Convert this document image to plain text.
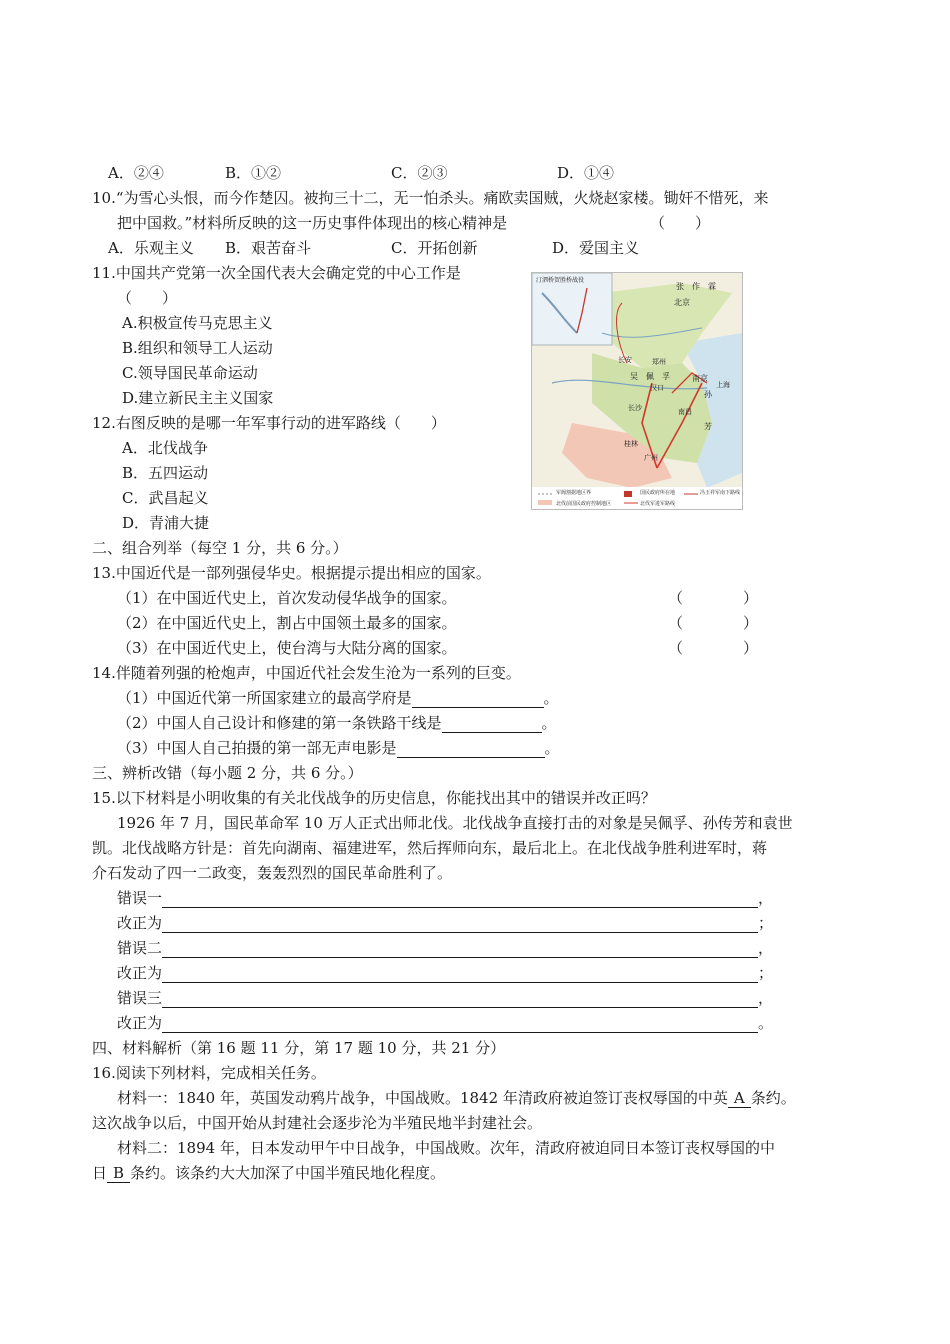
A．②④	B．①②	C．②③	D．①④
10.“为雪心头恨，而今作楚囚。被拘三十二，无一怕杀头。痛欧卖国贼，火烧赵家楼。锄奸不惜死，来
把中国救。”材料所反映的这一历史事件体现出的核心精神是	（　　）
A．乐观主义 B．艰苦奋斗	C．开拓创新	D．爱国主义
11.中国共产党第一次全国代表大会确定党的中心工作是
（　　）
A.积极宣传马克思主义
B.组织和领导工人运动
C.领导国民革命运动
D.建立新民主主义国家
12.右图反映的是哪一年军事行动的进军路线（　　）
A．北伐战争
B．五四运动
C．武昌起义
D．青浦大捷
汀泗桥贺胜桥战役
张　作　霖
北京
长安	郑州
吴　佩　孚	南京
上海
汉口
孙
长沙	南昌
芳
桂林
广州
军阀割据地区界	国民政府所在地	冯玉祥军南下路线
北伐前国民政府控制地区	北伐军进军路线
二、组合列举（每空 1 分，共 6 分。）
13.中国近代是一部列强侵华史。根据提示提出相应的国家。
（1）在中国近代史上，首次发动侵华战争的国家。	（　　　　）
（2）在中国近代史上，割占中国领土最多的国家。	（　　　　）
（3）在中国近代史上，使台湾与大陆分离的国家。	（　　　　）
14.伴随着列强的枪炮声，中国近代社会发生沧为一系列的巨变。
（1）中国近代第一所国家建立的最高学府是	。
（2）中国人自己设计和修建的第一条铁路干线是	。
（3）中国人自己拍摄的第一部无声电影是	。
三、辨析改错（每小题 2 分，共 6 分。）
15.以下材料是小明收集的有关北伐战争的历史信息，你能找出其中的错误并改正吗？
1926 年 7 月，国民革命军 10 万人正式出师北伐。北伐战争直接打击的对象是吴佩孚、孙传芳和袁世
凯。北伐战略方针是：首先向湖南、福建进军，然后挥师向东，最后北上。在北伐战争胜利进军时，蒋
介石发动了四一二政变，轰轰烈烈的国民革命胜利了。
错误一	，
改正为	；
错误二	，
改正为	；
错误三	，
改正为	。
四、材料解析（第 16 题 11 分，第 17 题 10 分，共 21 分）
16.阅读下列材料，完成相关任务。
材料一：1840 年，英国发动鸦片战争，中国战败。1842 年清政府被迫签订丧权辱国的中英 A 条约。
这次战争以后，中国开始从封建社会逐步沦为半殖民地半封建社会。
材料二：1894 年，日本发动甲午中日战争，中国战败。次年，清政府被迫同日本签订丧权辱国的中
日 B 条约。该条约大大加深了中国半殖民地化程度。
